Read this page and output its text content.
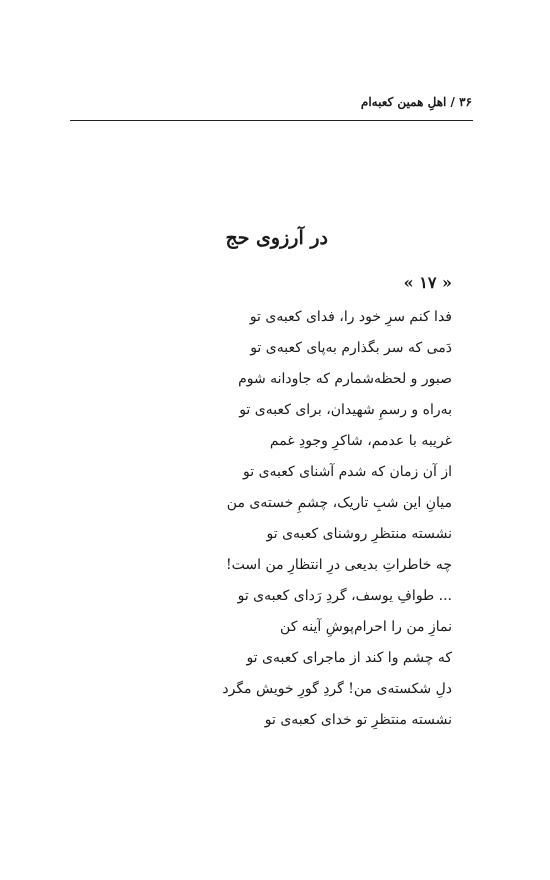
۳۶ / اهلِ همین کعبه‌ام
در آرزوی حج
« ۱۷ »
فدا کنم سرِ خود را، فدای کعبه‌ی تو
دَمی که سر بگذارم به‌پای کعبه‌ی تو
صبور و لحظه‌شمارم که جاودانه شوم
به‌راه و رسمِ شهیدان، برای کعبه‌ی تو
غریبه با عدمم، شاکرِ وجودِ غمم
از آن زمان که شدم آشنای کعبه‌ی تو
میانِ این شبِ تاریک، چشمِ خسته‌ی من
نشسته منتظرِ روشنای کعبه‌ی تو
چه خاطراتِ بدیعی درِ انتظارِ من است!
... طوافِ یوسف، گردِ رَدای کعبه‌ی تو
نمازِ من را احرام‌پوشِ آینه کن
که چشم وا کند از ماجرای کعبه‌ی تو
دلِ شکسته‌ی من! گردِ گورِ خویش مگرد
نشسته منتظرِ تو خدای کعبه‌ی تو
